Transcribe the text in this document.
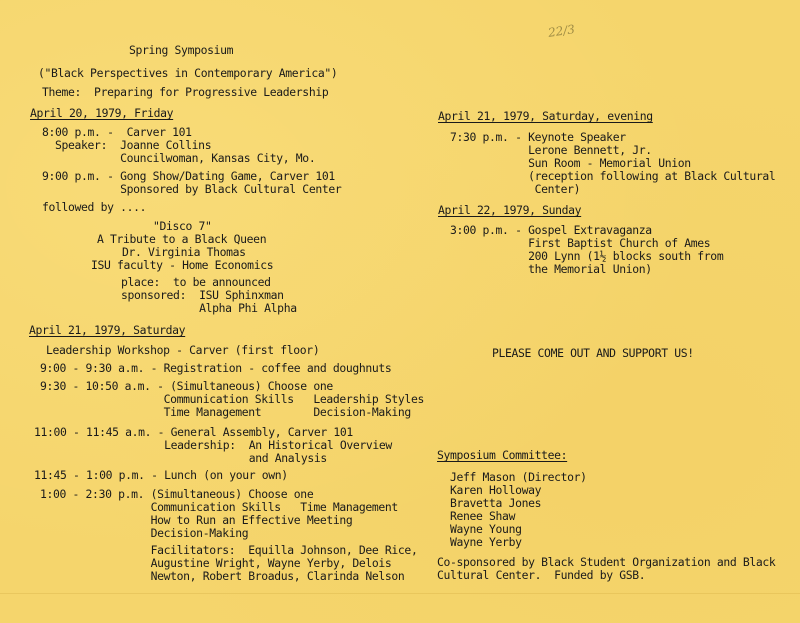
22/3
Spring Symposium
("Black Perspectives in Contemporary America")
Theme:  Preparing for Progressive Leadership
April 20, 1979, Friday
8:00 p.m. -  Carver 101
Speaker:  Joanne Collins
Councilwoman, Kansas City, Mo.
9:00 p.m. - Gong Show/Dating Game, Carver 101
Sponsored by Black Cultural Center
followed by ....
"Disco 7"
A Tribute to a Black Queen
Dr. Virginia Thomas
ISU faculty - Home Economics
place:  to be announced
sponsored:  ISU Sphinxman
Alpha Phi Alpha
April 21, 1979, Saturday
Leadership Workshop - Carver (first floor)
9:00 - 9:30 a.m. - Registration - coffee and doughnuts
9:30 - 10:50 a.m. - (Simultaneous) Choose one
Communication Skills   Leadership Styles
Time Management        Decision-Making
11:00 - 11:45 a.m. - General Assembly, Carver 101
Leadership:  An Historical Overview
and Analysis
11:45 - 1:00 p.m. - Lunch (on your own)
1:00 - 2:30 p.m. (Simultaneous) Choose one
Communication Skills   Time Management
How to Run an Effective Meeting
Decision-Making
Facilitators:  Equilla Johnson, Dee Rice,
Augustine Wright, Wayne Yerby, Delois
Newton, Robert Broadus, Clarinda Nelson
April 21, 1979, Saturday, evening
7:30 p.m. - Keynote Speaker
Lerone Bennett, Jr.
Sun Room - Memorial Union
(reception following at Black Cultural
Center)
April 22, 1979, Sunday
3:00 p.m. - Gospel Extravaganza
First Baptist Church of Ames
200 Lynn (1½ blocks south from
the Memorial Union)
PLEASE COME OUT AND SUPPORT US!
Symposium Committee:
Jeff Mason (Director)
Karen Holloway
Bravetta Jones
Renee Shaw
Wayne Young
Wayne Yerby
Co-sponsored by Black Student Organization and Black
Cultural Center.  Funded by GSB.
